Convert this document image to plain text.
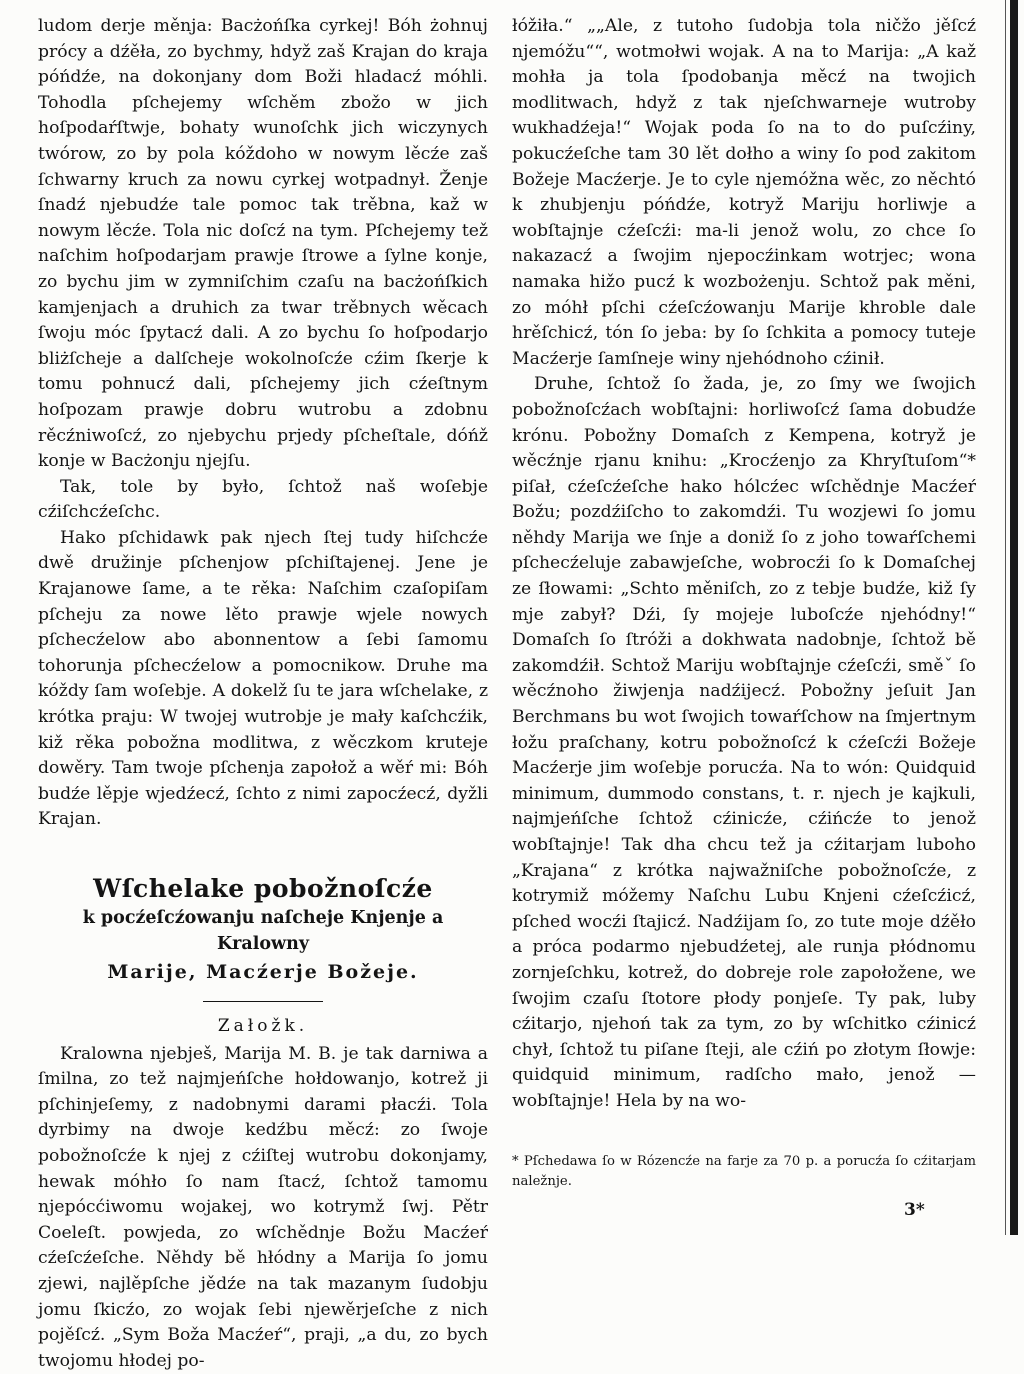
ludom derje měnja: Bacżońſka cyrkej! Bóh żohnuj prócy a dźěła, zo bychmy, hdyž zaš Krajan do kraja póńdźe, na dokonjany dom Boži hladacź móhli. Tohodla pſchejemy wſchěm zbožo w jich hoſpodaŕſtwje, bohaty wunoſchk jich wiczynych twórow, zo by pola kóždoho w nowym lěcźe zaš ſchwarny kruch za nowu cyrkej wotpadnył. Ženje ſnadź njebudźe tale pomoc tak trěbna, kaž w nowym lěcźe. Tola nic doſcź na tym. Pſchejemy tež naſchim hoſpodarjam prawje ſtrowe a ſylne konje, zo bychu jim w zymniſchim czaſu na bacżońſkich kamjenjach a druhich za twar trěbnych wěcach ſwoju móc ſpytacź dali. A zo bychu ſo hoſpodarjo bliżſcheje a dalſcheje wokolnoſcźe cźim ſkerje k tomu pohnucź dali, pſchejemy jich cźeſtnym hoſpozam prawje dobru wutrobu a zdobnu rěcźniwoſcź, zo njebychu prjedy pſcheſtale, dóńž konje w Bacżonju njejſu.

Tak, tole by było, ſchtož naš woſebje cźiſchcźeſchc.

Hako pſchidawk pak njech ſtej tudy hiſchcźe dwě družinje pſchenjow pſchiſtajenej. Jene je Krajanowe ſame, a te rěka: Naſchim czaſopiſam pſcheju za nowe lěto prawje wjele nowych pſchecźelow abo abonnentow a ſebi ſamomu tohorunja pſchecźelow a pomocnikow. Druhe ma kóždy ſam woſebje. A dokelž ſu te jara wſchelake, z krótka praju: W twojej wutrobje je mały kaſchcźik, kiž rěka pobožna modlitwa, z wěczkom kruteje dowěry. Tam twoje pſchenja zapołož a wěŕ mi: Bóh budźe lěpje wjedźecź, ſchto z nimi zapocźecź, dyžli Krajan.

Wſchelake pobožnoſcźe
k pocźeſcźowanju naſcheje Knjenje a Kralowny
Marije, Macźerje Božeje.
Załožk.

Kralowna njebješ, Marija M. B. je tak darniwa a ſmilna, zo tež najmjeńſche hołdowanjo, kotrež ji pſchinjeſemy, z nadobnymi darami płacźi. Tola dyrbimy na dwoje kedźbu měcź: zo ſwoje pobožnoſcźe k njej z cźiſtej wutrobu dokonjamy, hewak móhło ſo nam ſtacź, ſchtož tamomu njepócćiwomu wojakej, wo kotrymž ſwj. Pětr Coeleſt. powjeda, zo wſchědnje Božu Macźeŕ cźeſcźeſche. Něhdy bě hłódny a Marija ſo jomu zjewi, najlěpſche jědźe na tak mazanym ſudobju jomu ſkicźo, zo wojak ſebi njewěrjeſche z nich pojěſcź. „Sym Boža Macźeŕ“, praji, „a du, zo bych twojomu hłodej po-

łóžiła.“ „„Ale, z tutoho ſudobja tola ničžo jěſcź njemóžu““, wotmołwi wojak. A na to Marija: „A kaž mohła ja tola ſpodobanja měcź na twojich modlitwach, hdyž z tak njeſchwarneje wutroby wukhadźeja!“ Wojak poda ſo na to do puſcźiny, pokucźeſche tam 30 lět dołho a winy ſo pod zakitom Božeje Macźerje. Je to cyle njemóžna wěc, zo něchtó k zhubjenju póńdźe, kotryž Mariju horliwje a wobſtajnje cźeſcźi: ma-li jenož wolu, zo chce ſo nakazacź a ſwojim njepocźinkam wotrjec; wona namaka hižo pucź k wozbożenju. Schtož pak měni, zo móhł pſchi cźeſcźowanju Marije khroble dale hrěſchicź, tón ſo jeba: by ſo ſchkita a pomocy tuteje Macźerje ſamſneje winy njehódnoho cźinił.

Druhe, ſchtož ſo žada, je, zo ſmy we ſwojich pobožnoſcźach wobſtajni: horliwoſcź ſama dobudźe krónu. Pobožny Domaſch z Kempena, kotryž je wěcźnje rjanu knihu: „Krocźenjo za Khryſtuſom“* piſał, cźeſcźeſche hako hólcźec wſchědnje Macźeŕ Božu; pozdźiſcho to zakomdźi. Tu wozjewi ſo jomu něhdy Marija we ſnje a doniž ſo z joho towaŕſchemi pſchecźeluje zabawjeſche, wobrocźi ſo k Domaſchej ze ſłowami: „Schto měniſch, zo z tebje budźe, kiž ſy mje zabył? Dźi, ſy mojeje luboſcźe njehódny!“ Domaſch ſo ſtróži a dokhwata nadobnje, ſchtož bě zakomdźił. Schtož Mariju wobſtajnje cźeſcźi, směˇ ſo wěcźnoho žiwjenja nadźijecź. Pobožny jeſuit Jan Berchmans bu wot ſwojich towaŕſchow na ſmjertnym łožu praſchany, kotru pobožnoſcź k cźeſcźi Božeje Macźerje jim woſebje porucźa. Na to wón: Quidquid minimum, dummodo constans, t. r. njech je kajkuli, najmjeńſche ſchtož cźinicźe, cźińcźe to jenož wobſtajnje! Tak dha chcu tež ja cźitarjam luboho „Krajana“ z krótka najwažniſche pobožnoſcźe, z kotrymiž móžemy Naſchu Lubu Knjeni cźeſcźicź, pſched wocźi ſtajicź. Nadźijam ſo, zo tute moje dźěło a prócа podarmo njebudźetej, ale runja płódnomu zornjeſchku, kotrež, do dobreje role zapołožene, we ſwojim czaſu ſtotore płody ponjeſe. Ty pak, luby cźitarjo, njehoń tak za tym, zo by wſchitko cźinicź chył, ſchtož tu piſane ſteji, ale cźiń po złotym ſłowje: quidquid minimum, radſcho mało, jenož — wobſtajnje! Hela by na wo-

* Pſchedawa ſo w Rózencźe na farje za 70 p. a porucźa ſo cźitarjam naležnje.
3*
